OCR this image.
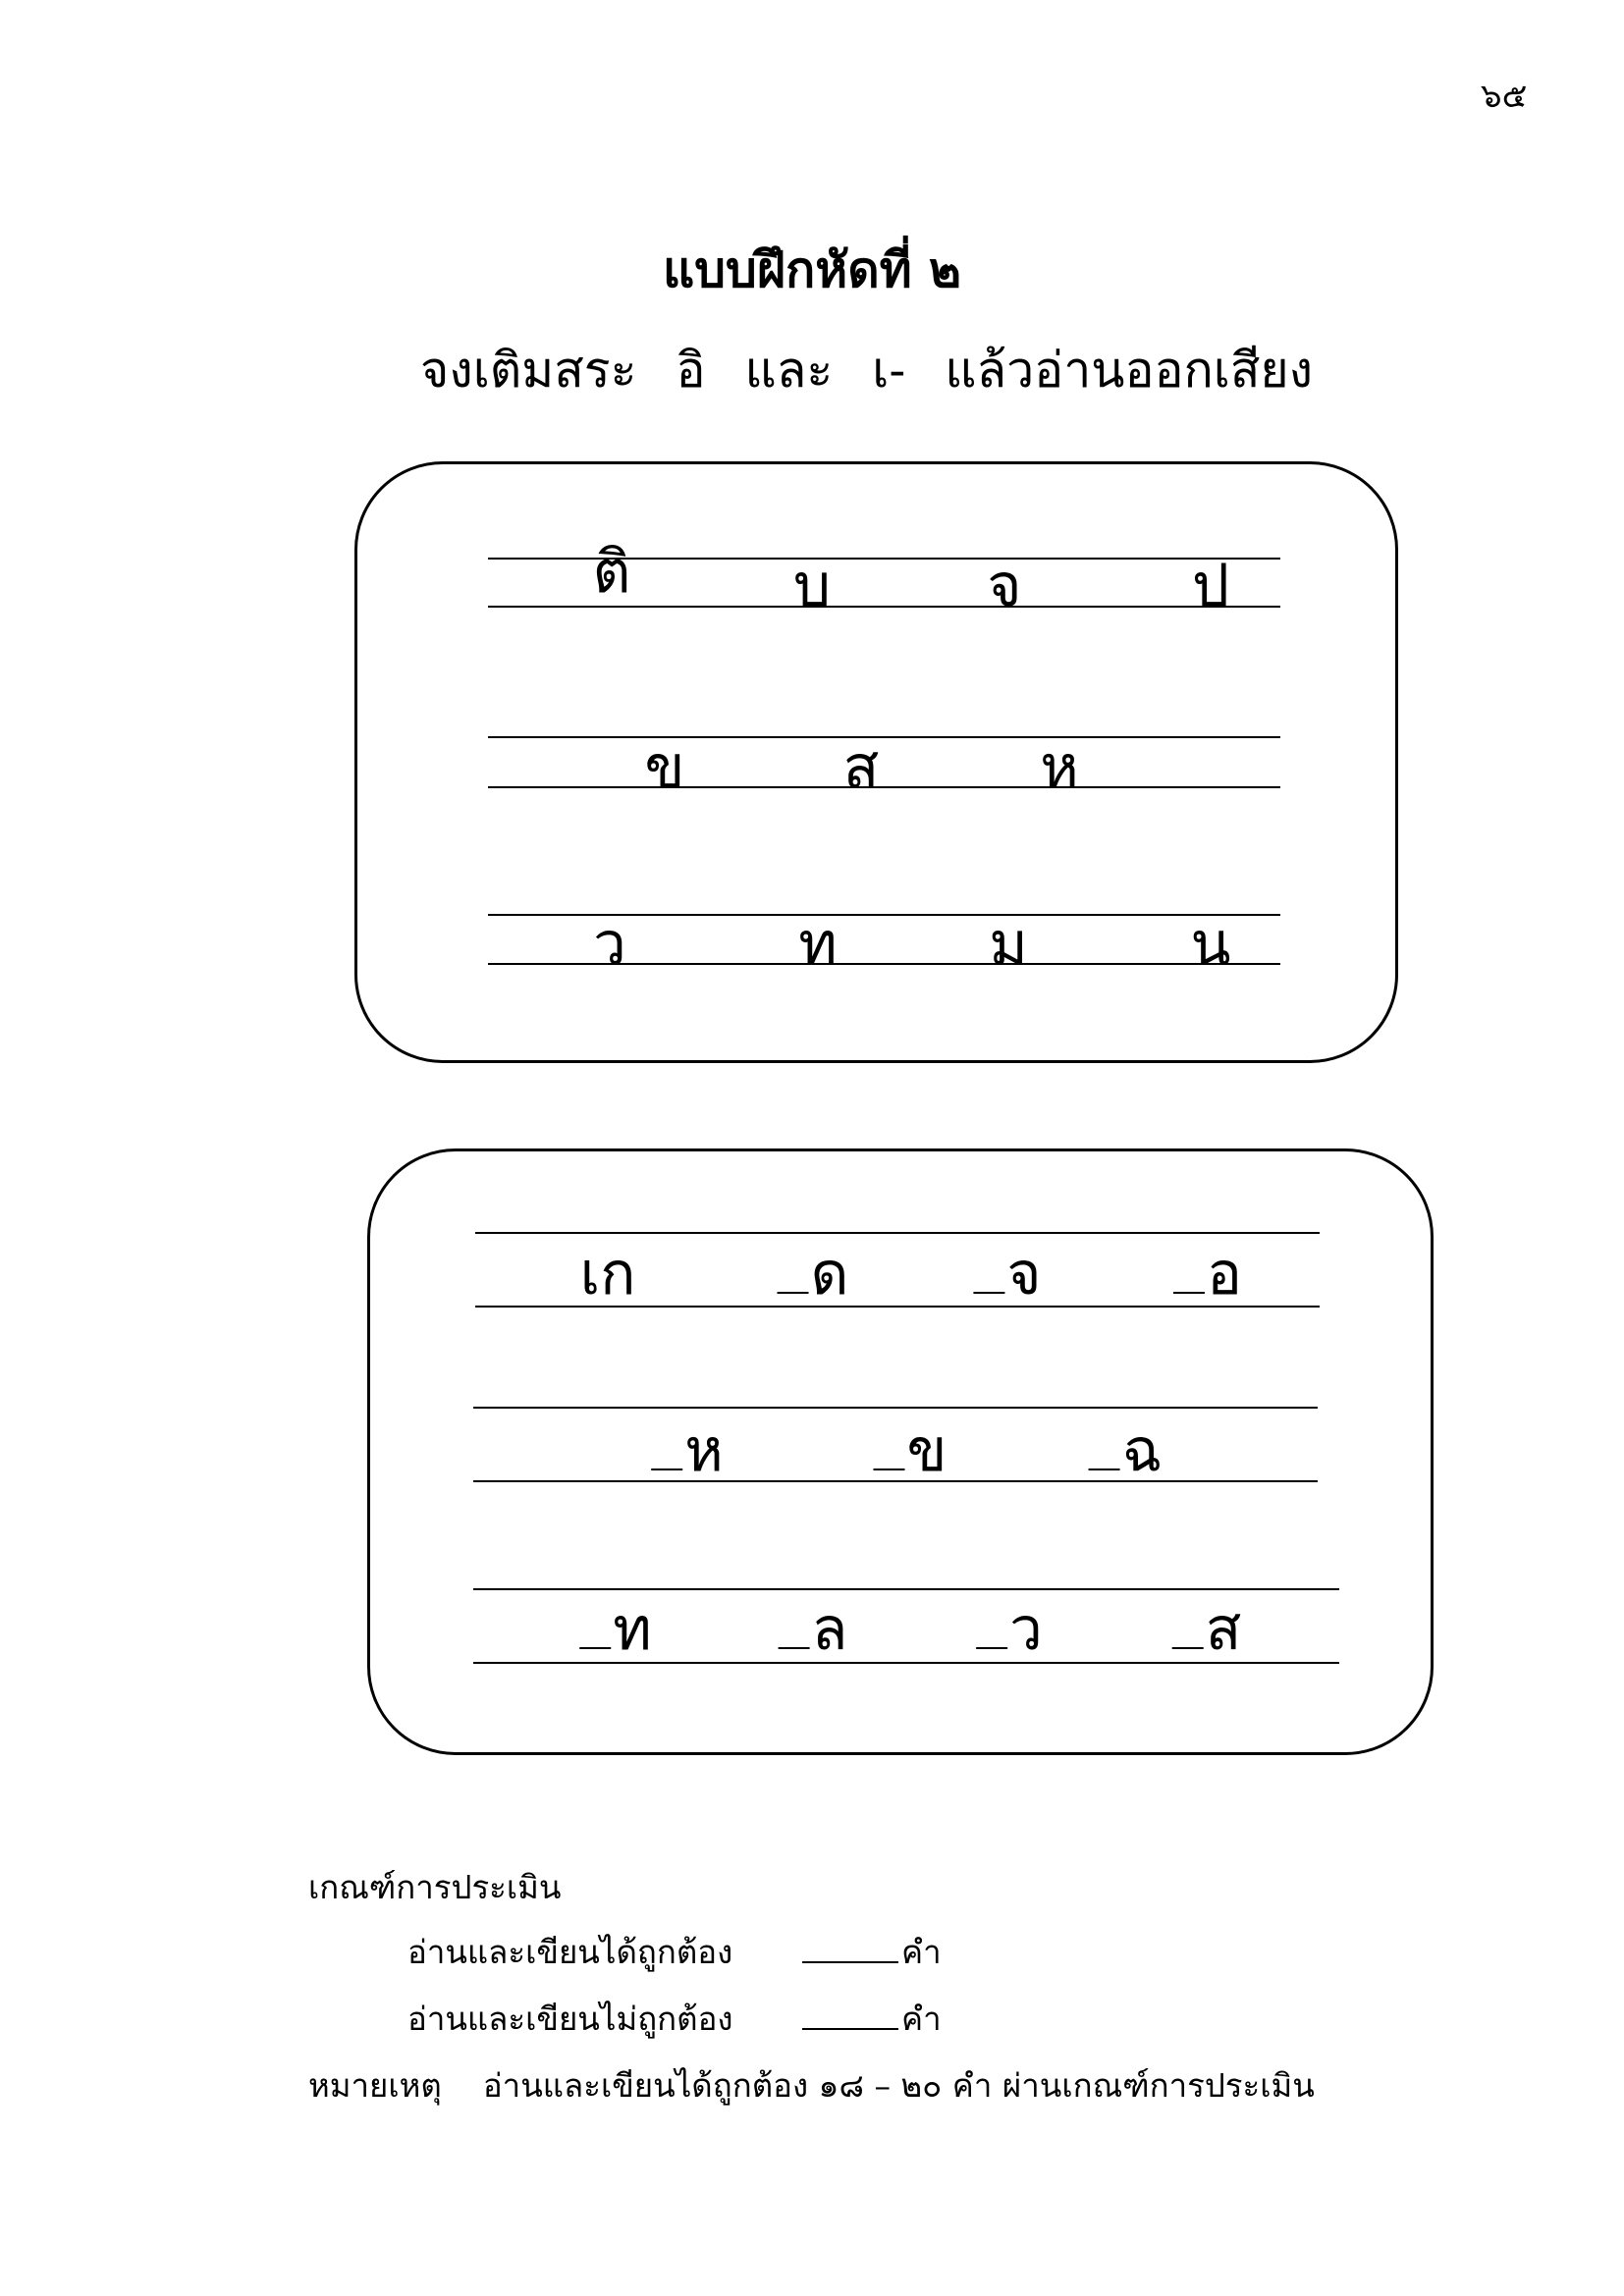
๖๕
แบบฝึกหัดที่ ๒
จงเติมสระ อิ และ เ- แล้วอ่านออกเสียง
ติ	บ	จ	ป
ข	ส	ห
ว	ท	ม	น
เก	ด	จ	อ
ห	ข	ฉ
ท	ล	ว	ส
เกณฑ์การประเมิน
อ่านและเขียนได้ถูกต้อง	คำ
อ่านและเขียนไม่ถูกต้อง	คำ
หมายเหตุ อ่านและเขียนได้ถูกต้อง ๑๘ – ๒๐ คำ ผ่านเกณฑ์การประเมิน
